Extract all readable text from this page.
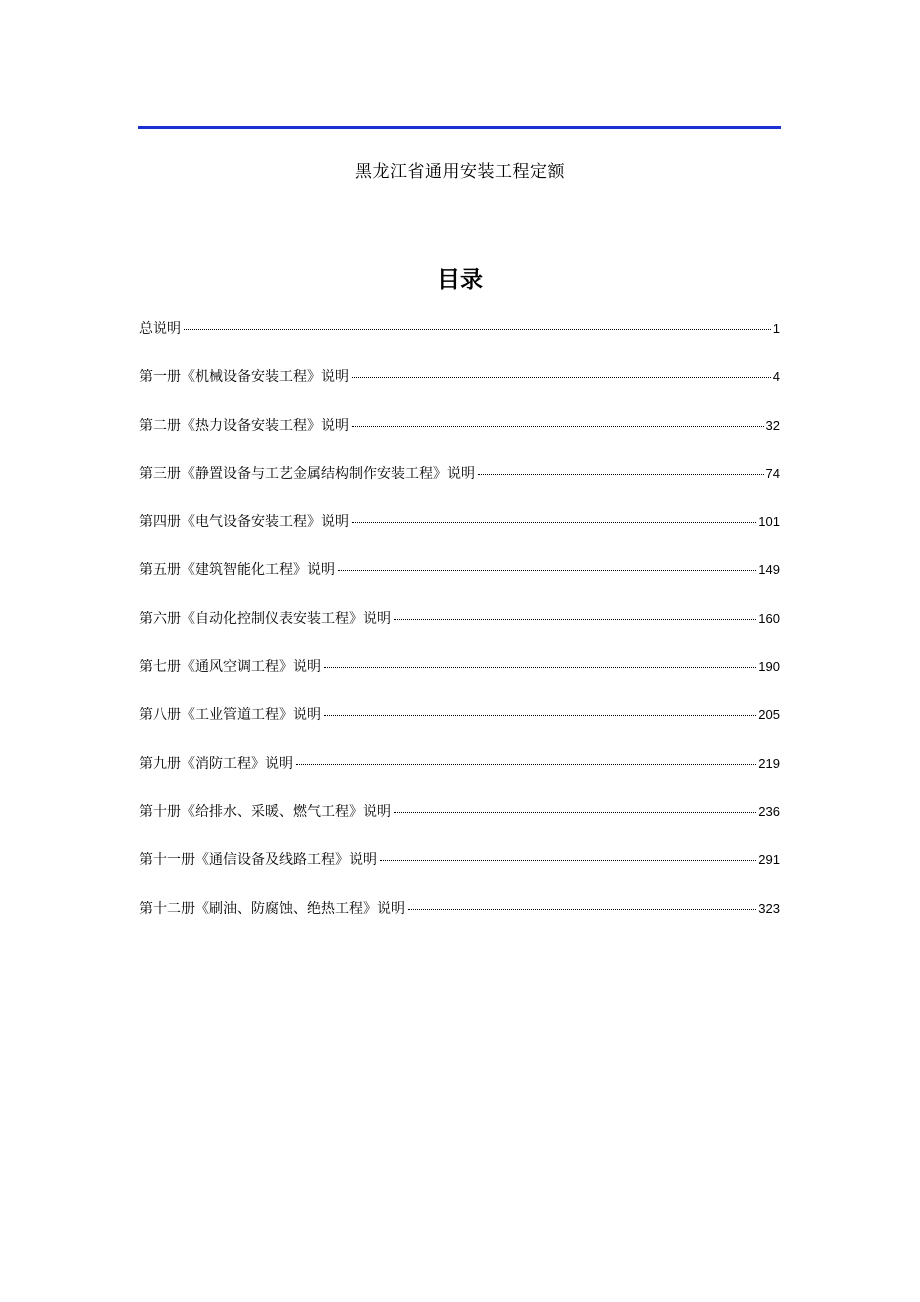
黑龙江省通用安装工程定额
目录
总说明	1
第一册《机械设备安装工程》说明	4
第二册《热力设备安装工程》说明	32
第三册《静置设备与工艺金属结构制作安装工程》说明	74
第四册《电气设备安装工程》说明	101
第五册《建筑智能化工程》说明	149
第六册《自动化控制仪表安装工程》说明	160
第七册《通风空调工程》说明	190
第八册《工业管道工程》说明	205
第九册《消防工程》说明	219
第十册《给排水、采暖、燃气工程》说明	236
第十一册《通信设备及线路工程》说明	291
第十二册《刷油、防腐蚀、绝热工程》说明	323
